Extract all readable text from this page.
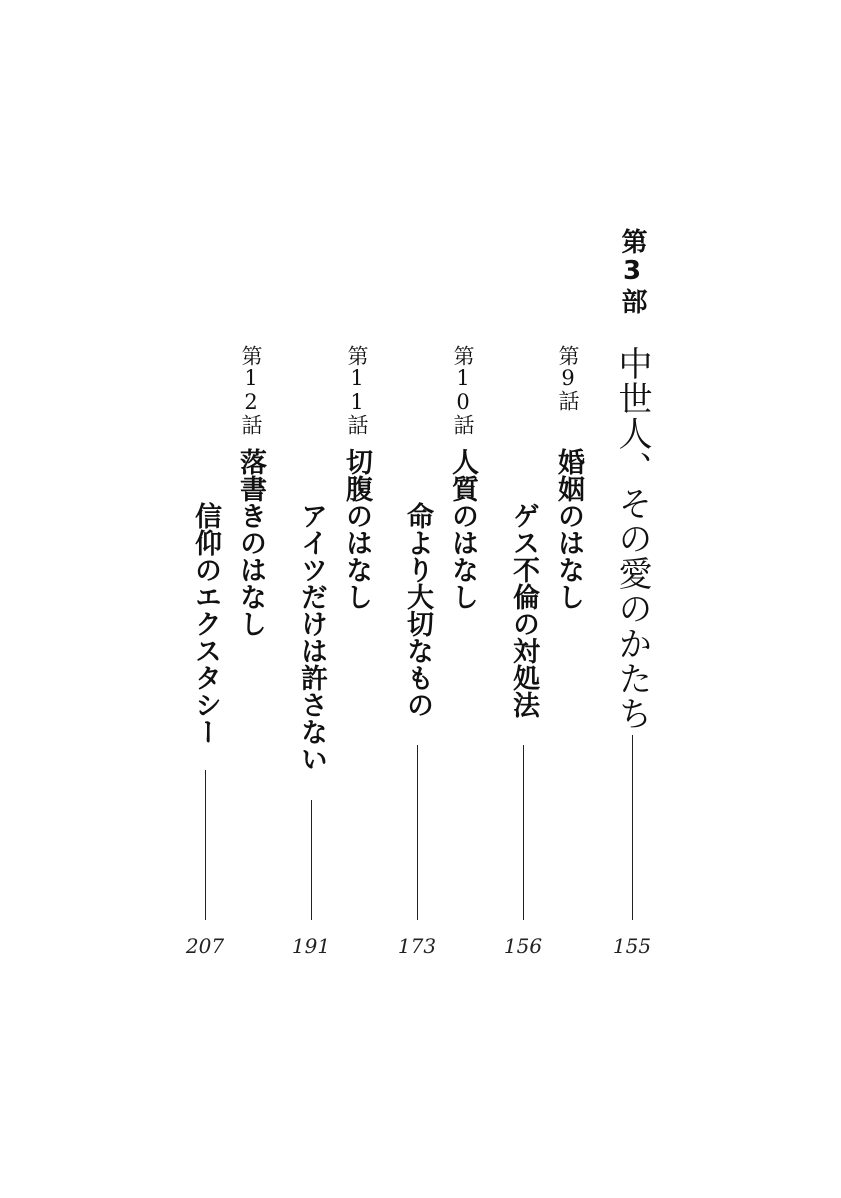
第3部
中世人、その愛のかたち
155
第9話
婚姻のはなし
ゲス不倫の対処法
156
第10話
人質のはなし
命より大切なもの
173
第11話
切腹のはなし
アイツだけは許さない
191
第12話
落書きのはなし
信仰のエクスタシー
207
